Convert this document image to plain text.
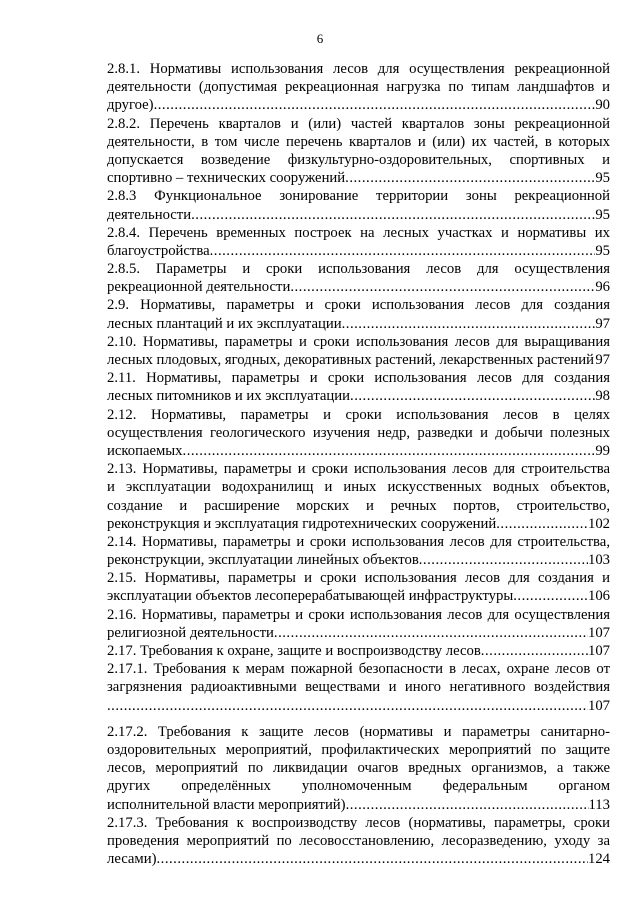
6
2.8.1. Нормативы использования лесов для осуществления рекреационной
деятельности (допустимая рекреационная нагрузка по типам ландшафтов и
другое) .....	90
2.8.2. Перечень кварталов и (или) частей кварталов зоны рекреационной
деятельности, в том числе перечень кварталов и (или) их частей, в которых
допускается возведение физкультурно-оздоровительных, спортивных и
спортивно – технических сооружений .....	95
2.8.3 Функциональное зонирование территории зоны рекреационной
деятельности .....	95
2.8.4. Перечень временных построек на лесных участках и нормативы их
благоустройства .....	95
2.8.5. Параметры и сроки использования лесов для осуществления
рекреационной деятельности .....	96
2.9. Нормативы, параметры и сроки использования лесов для создания
лесных плантаций и их эксплуатации .....	97
2.10. Нормативы, параметры и сроки использования лесов для выращивания
лесных плодовых, ягодных, декоративных растений, лекарственных растений ..... 97
2.11. Нормативы, параметры и сроки использования лесов для создания
лесных питомников и их эксплуатации .....	98
2.12. Нормативы, параметры и сроки использования лесов в целях
осуществления геологического изучения недр, разведки и добычи полезных
ископаемых .....	99
2.13. Нормативы, параметры и сроки использования лесов для строительства
и эксплуатации водохранилищ и иных искусственных водных объектов,
создание и расширение морских и речных портов, строительство,
реконструкция и эксплуатация гидротехнических сооружений .....	102
2.14. Нормативы, параметры и сроки использования лесов для строительства,
реконструкции, эксплуатации линейных объектов .....	103
2.15. Нормативы, параметры и сроки использования лесов для создания и
эксплуатации объектов лесоперерабатывающей инфраструктуры .....	106
2.16. Нормативы, параметры и сроки использования лесов для осуществления
религиозной деятельности .....	107
2.17. Требования к охране, защите и воспроизводству лесов .....	107
2.17.1. Требования к мерам пожарной безопасности в лесах, охране лесов от
загрязнения радиоактивными веществами и иного негативного воздействия
.....
107
2.17.2. Требования к защите лесов (нормативы и параметры санитарно-
оздоровительных мероприятий, профилактических мероприятий по защите
лесов, мероприятий по ликвидации очагов вредных организмов, а также
других определённых уполномоченным федеральным органом
исполнительной власти мероприятий) .....	113
2.17.3. Требования к воспроизводству лесов (нормативы, параметры, сроки
проведения мероприятий по лесовосстановлению, лесоразведению, уходу за
лесами) .....	124
